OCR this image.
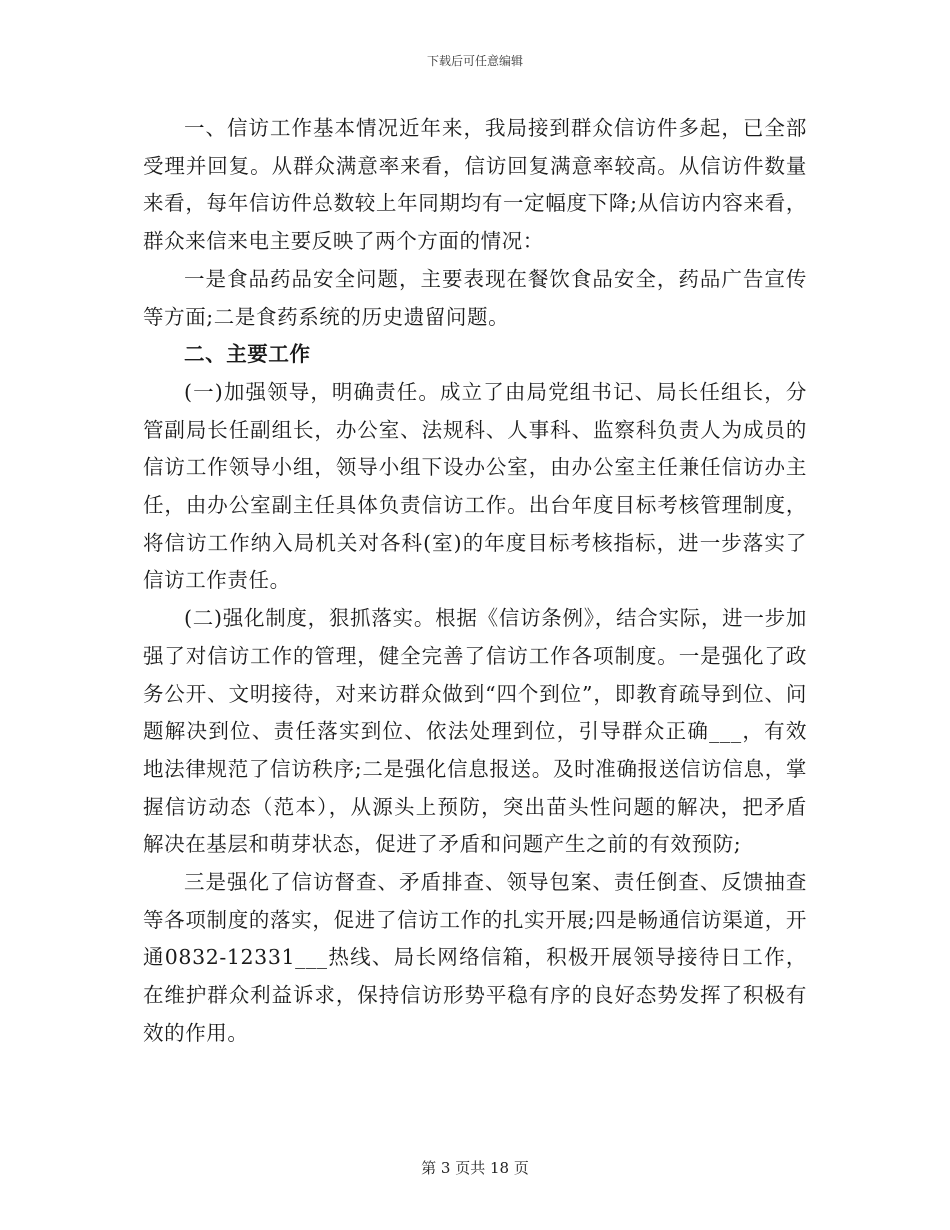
下载后可任意编辑

一、信访工作基本情况近年来，我局接到群众信访件多起，已全部受理并回复。从群众满意率来看，信访回复满意率较高。从信访件数量来看，每年信访件总数较上年同期均有一定幅度下降;从信访内容来看，群众来信来电主要反映了两个方面的情况：

一是食品药品安全问题，主要表现在餐饮食品安全，药品广告宣传等方面;二是食药系统的历史遗留问题。

二、主要工作

(一)加强领导，明确责任。成立了由局党组书记、局长任组长，分管副局长任副组长，办公室、法规科、人事科、监察科负责人为成员的信访工作领导小组，领导小组下设办公室，由办公室主任兼任信访办主任，由办公室副主任具体负责信访工作。出台年度目标考核管理制度，将信访工作纳入局机关对各科(室)的年度目标考核指标，进一步落实了信访工作责任。

(二)强化制度，狠抓落实。根据《信访条例》，结合实际，进一步加强了对信访工作的管理，健全完善了信访工作各项制度。一是强化了政务公开、文明接待，对来访群众做到“四个到位”，即教育疏导到位、问题解决到位、责任落实到位、依法处理到位，引导群众正确___，有效地法律规范了信访秩序;二是强化信息报送。及时准确报送信访信息，掌握信访动态（范本），从源头上预防，突出苗头性问题的解决，把矛盾解决在基层和萌芽状态，促进了矛盾和问题产生之前的有效预防;

三是强化了信访督查、矛盾排查、领导包案、责任倒查、反馈抽查等各项制度的落实，促进了信访工作的扎实开展;四是畅通信访渠道，开通0832-12331___热线、局长网络信箱，积极开展领导接待日工作，在维护群众利益诉求，保持信访形势平稳有序的良好态势发挥了积极有效的作用。

第 3 页共 18 页
